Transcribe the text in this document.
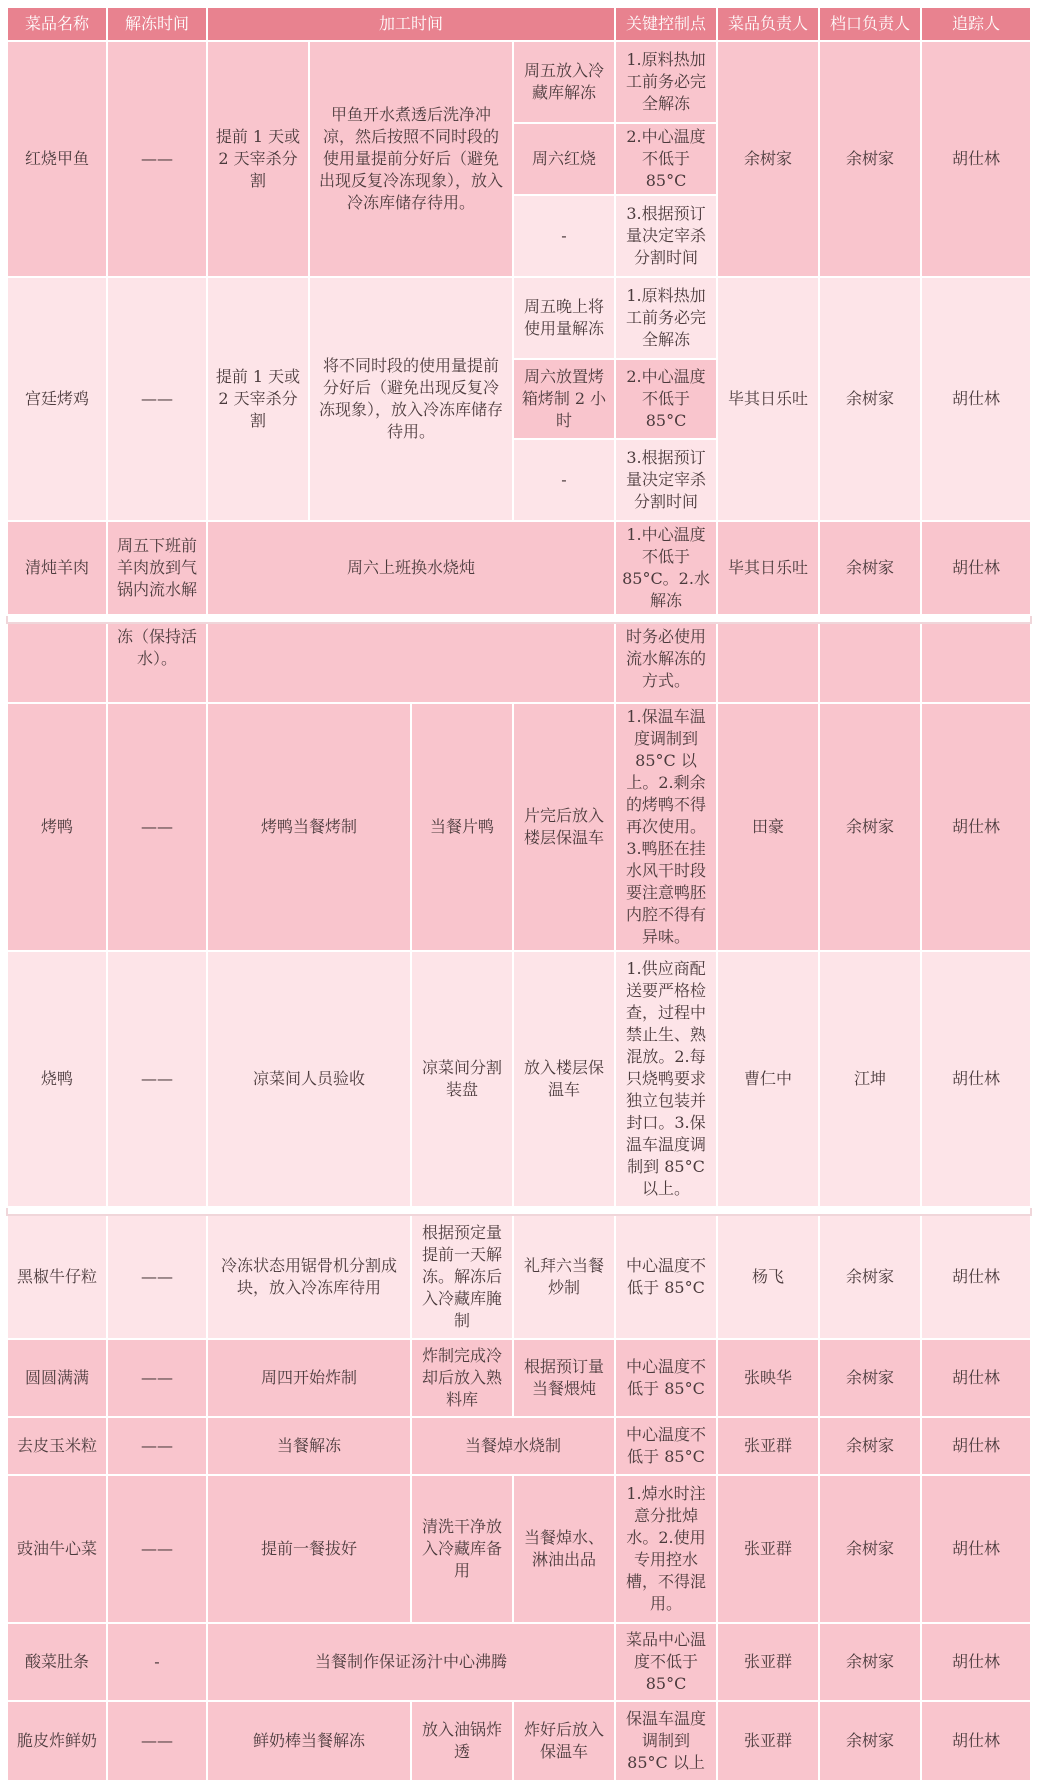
菜品名称	解冻时间	加工时间				关键控制点	菜品负责人	档口负责人	追踪人
红烧甲鱼	——	提前 1 天或 2 天宰杀分割	甲鱼开水煮透后洗净冲凉，然后按照不同时段的使用量提前分好后（避免出现反复冷冻现象），放入冷冻库储存待用。		周五放入冷藏库解冻	1.原料热加工前务必完全解冻	余树家	余树家	胡仕林
					周六红烧	2.中心温度不低于 85°C			
					-	3.根据预订量决定宰杀分割时间			
宫廷烤鸡	——	提前 1 天或 2 天宰杀分割	将不同时段的使用量提前分好后（避免出现反复冷冻现象），放入冷冻库储存待用。		周五晚上将使用量解冻	1.原料热加工前务必完全解冻	毕其日乐吐	余树家	胡仕林
					周六放置烤箱烤制 2 小时	2.中心温度不低于 85°C			
					-	3.根据预订量决定宰杀分割时间			
清炖羊肉	周五下班前羊肉放到气锅内流水解	周六上班换水烧炖				1.中心温度不低于 85°C。2.水解冻	毕其日乐吐	余树家	胡仕林

	冻（保持活水）。					时务必使用流水解冻的方式。			
烤鸭	——	烤鸭当餐烤制		当餐片鸭	片完后放入楼层保温车	1.保温车温度调制到 85°C 以上。2.剩余的烤鸭不得再次使用。3.鸭胚在挂水风干时段要注意鸭胚内腔不得有异味。	田豪	余树家	胡仕林
烧鸭	——	凉菜间人员验收		凉菜间分割装盘	放入楼层保温车	1.供应商配送要严格检查，过程中禁止生、熟混放。2.每只烧鸭要求独立包装并封口。3.保温车温度调制到 85°C 以上。	曹仁中	江坤	胡仕林

黑椒牛仔粒	——	冷冻状态用锯骨机分割成块，放入冷冻库待用		根据预定量提前一天解冻。解冻后入冷藏库腌制	礼拜六当餐炒制	中心温度不低于 85°C	杨飞	余树家	胡仕林
圆圆满满	——	周四开始炸制		炸制完成冷却后放入熟料库	根据预订量当餐煨炖	中心温度不低于 85°C	张映华	余树家	胡仕林
去皮玉米粒	——	当餐解冻		当餐焯水烧制		中心温度不低于 85°C	张亚群	余树家	胡仕林
豉油牛心菜	——	提前一餐拔好		清洗干净放入冷藏库备用	当餐焯水、淋油出品	1.焯水时注意分批焯水。2.使用专用控水槽，不得混用。	张亚群	余树家	胡仕林
酸菜肚条	-	当餐制作保证汤汁中心沸腾				菜品中心温度不低于 85°C	张亚群	余树家	胡仕林
脆皮炸鲜奶	——	鲜奶棒当餐解冻		放入油锅炸透	炸好后放入保温车	保温车温度调制到 85°C 以上	张亚群	余树家	胡仕林
